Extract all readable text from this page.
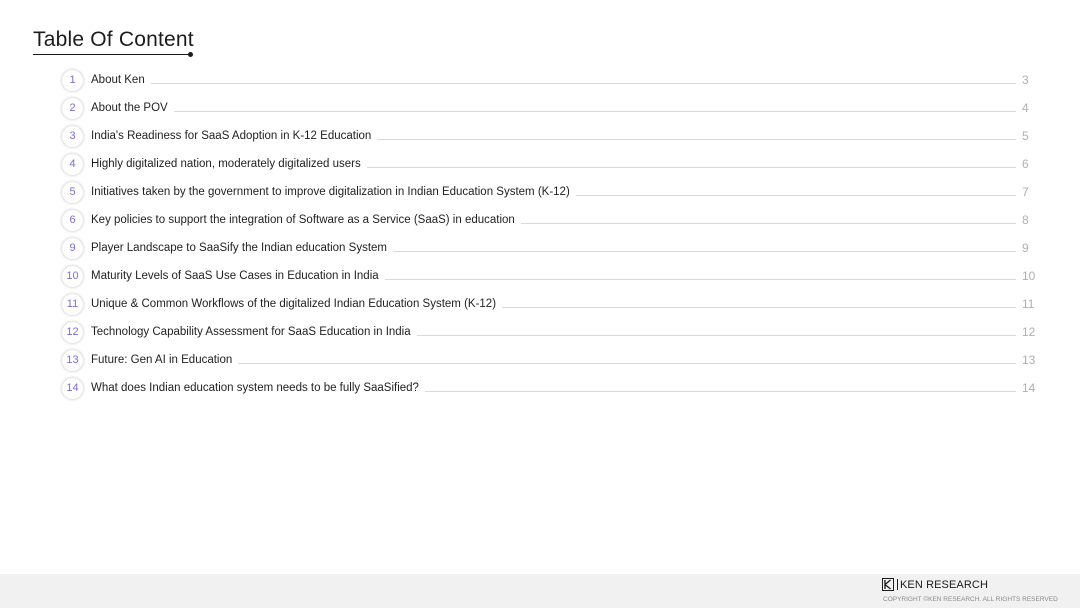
Table Of Content
1	About Ken	3
2	About the POV	4
3	India's Readiness for SaaS Adoption in K-12 Education	5
4	Highly digitalized nation, moderately digitalized users	6
5	Initiatives taken by the government to improve digitalization in Indian Education System (K-12)	7
6	Key policies to support the integration of Software as a Service (SaaS) in education	8
9	Player Landscape to SaaSify the Indian education System	9
10	Maturity Levels of SaaS Use Cases in Education in India	10
11	Unique & Common Workflows of the digitalized Indian Education System (K-12)	11
12	Technology Capability Assessment for SaaS Education in India	12
13	Future: Gen AI in Education	13
14	What does Indian education system needs to be fully SaaSified?	14
KEN RESEARCH
COPYRIGHT ©KEN RESEARCH. ALL RIGHTS RESERVED
